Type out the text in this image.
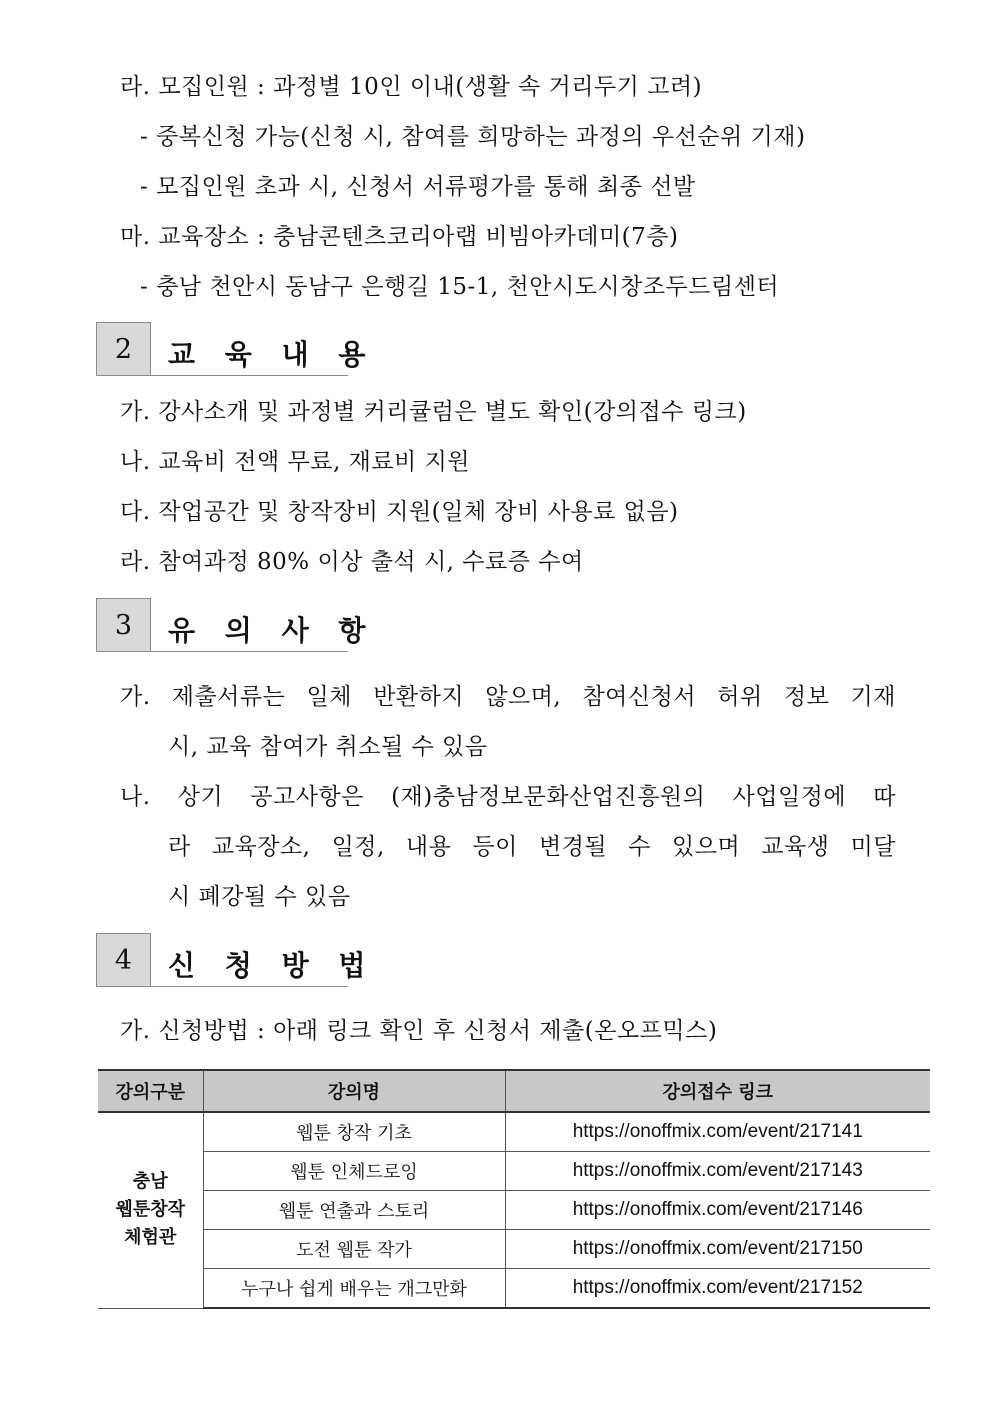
라. 모집인원 : 과정별 10인 이내(생활 속 거리두기 고려)
- 중복신청 가능(신청 시, 참여를 희망하는 과정의 우선순위 기재)
- 모집인원 초과 시, 신청서 서류평가를 통해 최종 선발
마. 교육장소 : 충남콘텐츠코리아랩 비빔아카데미(7층)
- 충남 천안시 동남구 은행길 15-1, 천안시도시창조두드림센터
2	교 육 내 용
가. 강사소개 및 과정별 커리큘럼은 별도 확인(강의접수 링크)
나. 교육비 전액 무료, 재료비 지원
다. 작업공간 및 창작장비 지원(일체 장비 사용료 없음)
라. 참여과정 80% 이상 출석 시, 수료증 수여
3	유 의 사 항
가. 제출서류는 일체 반환하지 않으며, 참여신청서 허위 정보 기재
시, 교육 참여가 취소될 수 있음
나. 상기 공고사항은 (재)충남정보문화산업진흥원의 사업일정에 따
라 교육장소, 일정, 내용 등이 변경될 수 있으며 교육생 미달
시 폐강될 수 있음
4	신 청 방 법
가. 신청방법 : 아래 링크 확인 후 신청서 제출(온오프믹스)
강의구분	강의명	강의접수 링크

충남
웹툰창작
체험관	웹툰 창작 기초	https://onoffmix.com/event/217141
	웹툰 인체드로잉	https://onoffmix.com/event/217143
	웹툰 연출과 스토리	https://onoffmix.com/event/217146
	도전 웹툰 작가	https://onoffmix.com/event/217150
	누구나 쉽게 배우는 개그만화	https://onoffmix.com/event/217152
